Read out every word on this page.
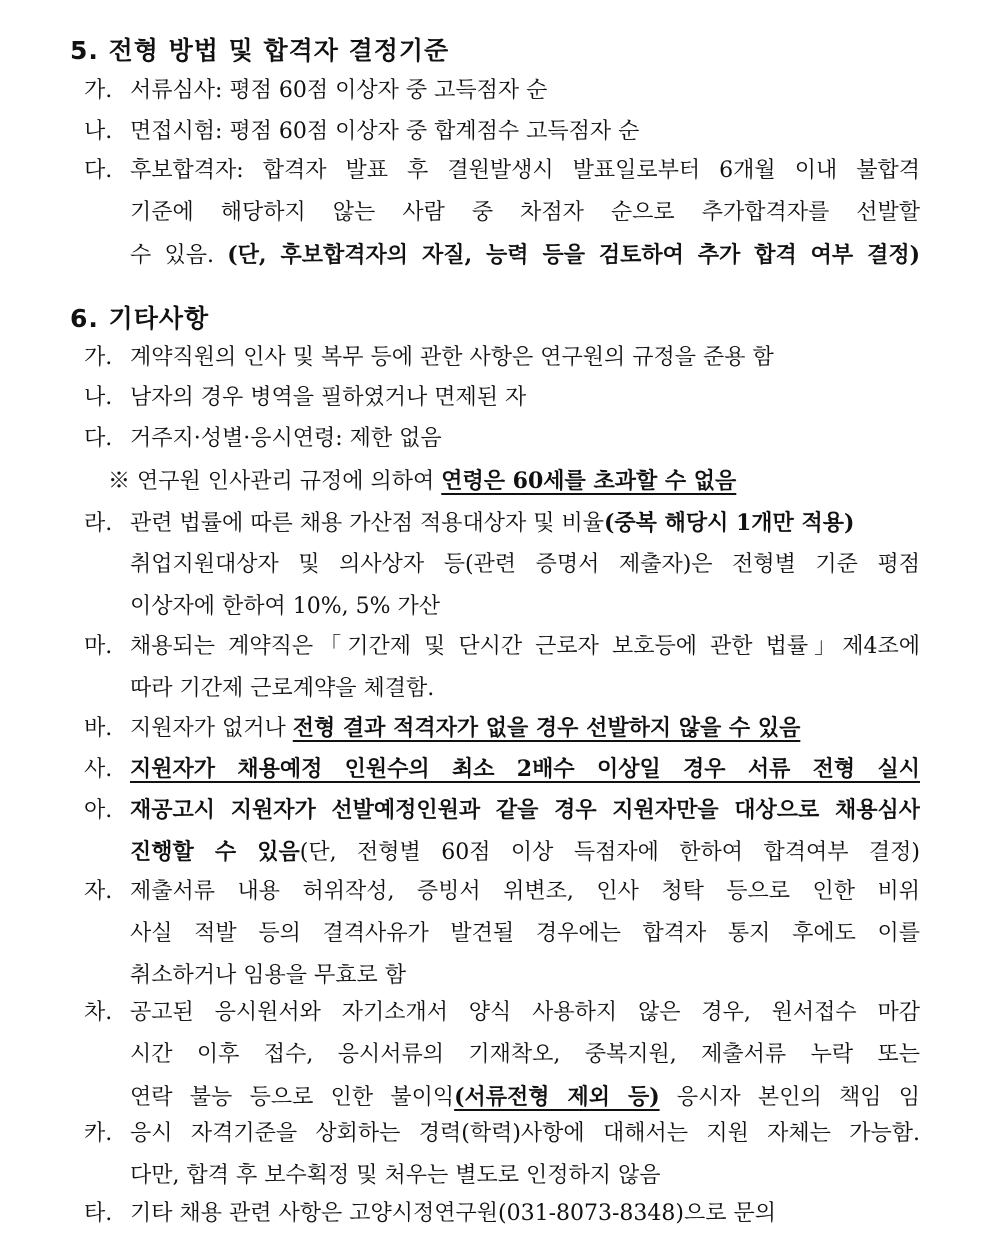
5. 전형 방법 및 합격자 결정기준
가. 서류심사: 평점 60점 이상자 중 고득점자 순
나. 면접시험: 평점 60점 이상자 중 합계점수 고득점자 순
다. 후보합격자: 합격자 발표 후 결원발생시 발표일로부터 6개월 이내 불합격
기준에 해당하지 않는 사람 중 차점자 순으로 추가합격자를 선발할
수 있음. (단, 후보합격자의 자질, 능력 등을 검토하여 추가 합격 여부 결정)
6. 기타사항
가. 계약직원의 인사 및 복무 등에 관한 사항은 연구원의 규정을 준용 함
나. 남자의 경우 병역을 필하였거나 면제된 자
다. 거주지·성별·응시연령: 제한 없음
※ 연구원 인사관리 규정에 의하여 연령은 60세를 초과할 수 없음
라. 관련 법률에 따른 채용 가산점 적용대상자 및 비율(중복 해당시 1개만 적용)
취업지원대상자 및 의사상자 등(관련 증명서 제출자)은 전형별 기준 평점
이상자에 한하여 10%, 5% 가산
마. 채용되는 계약직은「기간제 및 단시간 근로자 보호등에 관한 법률」제4조에
따라 기간제 근로계약을 체결함.
바. 지원자가 없거나 전형 결과 적격자가 없을 경우 선발하지 않을 수 있음
사. 지원자가 채용예정 인원수의 최소 2배수 이상일 경우 서류 전형 실시
아. 재공고시 지원자가 선발예정인원과 같을 경우 지원자만을 대상으로 채용심사
진행할 수 있음(단, 전형별 60점 이상 득점자에 한하여 합격여부 결정)
자. 제출서류 내용 허위작성, 증빙서 위변조, 인사 청탁 등으로 인한 비위
사실 적발 등의 결격사유가 발견될 경우에는 합격자 통지 후에도 이를
취소하거나 임용을 무효로 함
차. 공고된 응시원서와 자기소개서 양식 사용하지 않은 경우, 원서접수 마감
시간 이후 접수, 응시서류의 기재착오, 중복지원, 제출서류 누락 또는
연락 불능 등으로 인한 불이익(서류전형 제외 등) 응시자 본인의 책임 임
카. 응시 자격기준을 상회하는 경력(학력)사항에 대해서는 지원 자체는 가능함.
다만, 합격 후 보수획정 및 처우는 별도로 인정하지 않음
타. 기타 채용 관련 사항은 고양시정연구원(031-8073-8348)으로 문의
